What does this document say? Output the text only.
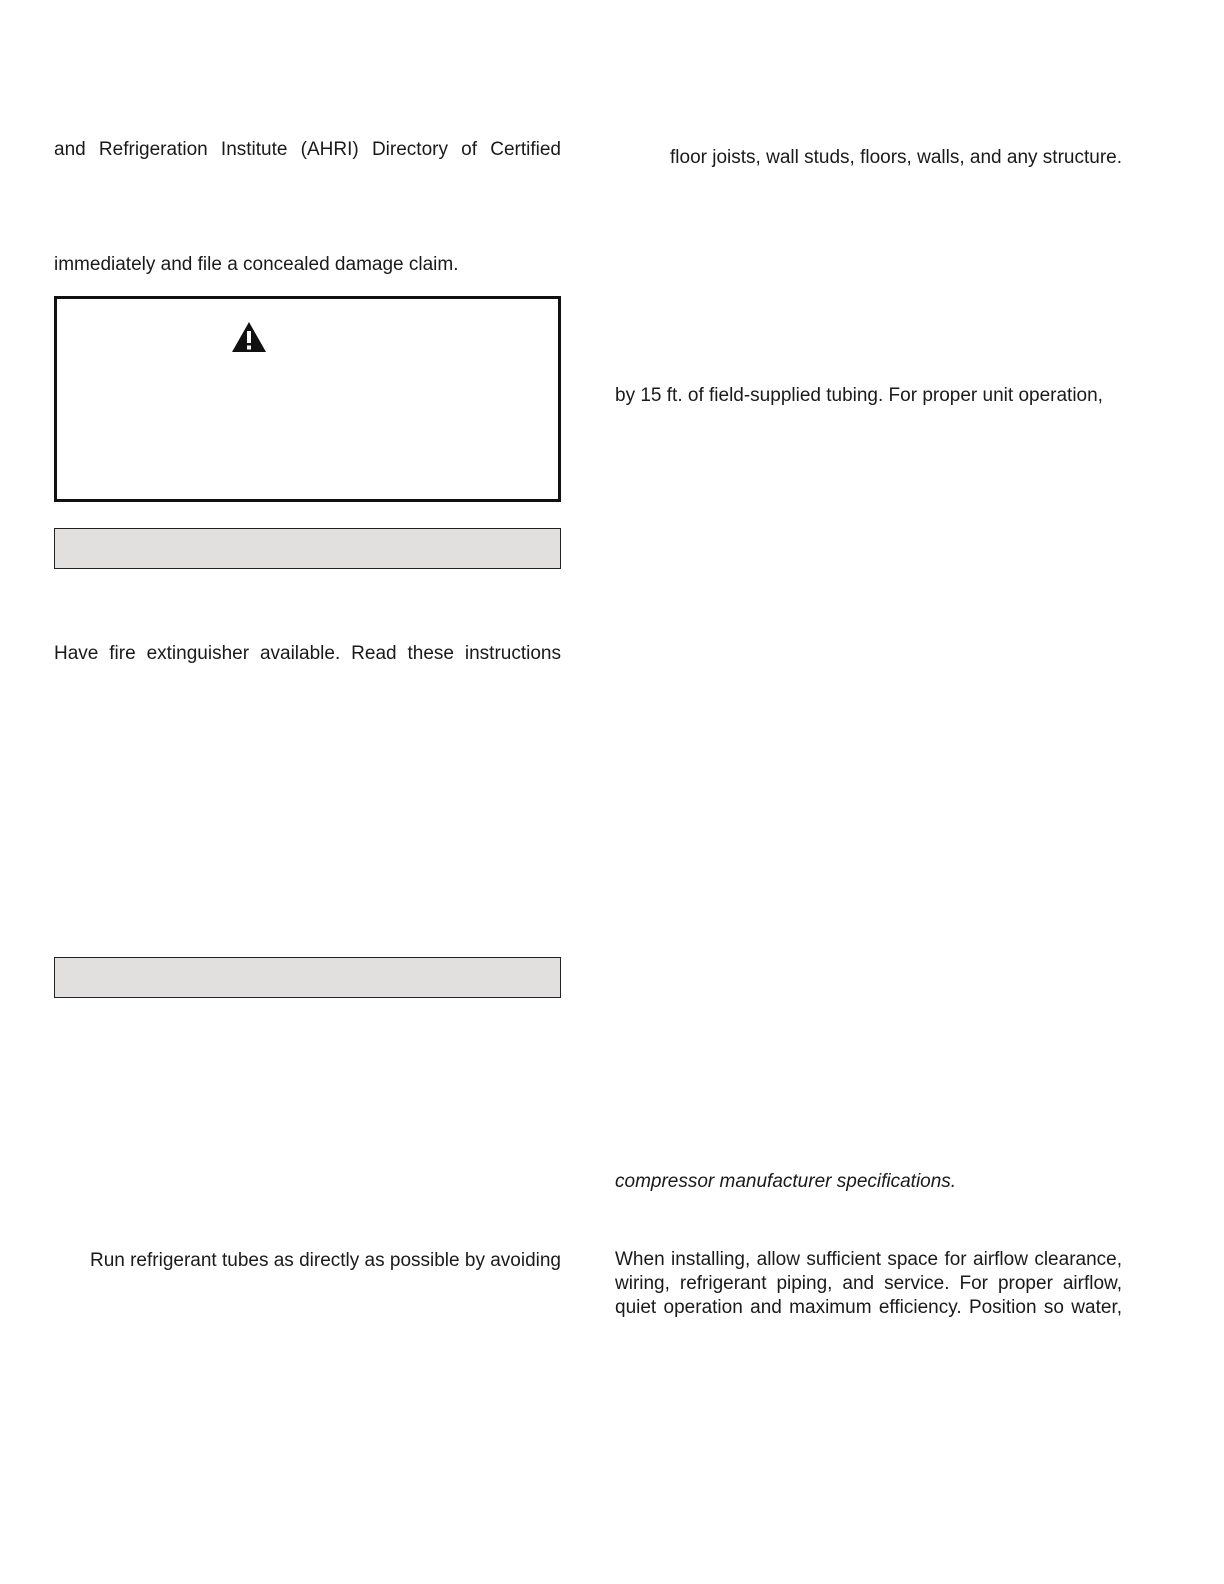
and Refrigeration Institute (AHRI) Directory of Certified
immediately and file a concealed damage claim.
Have fire extinguisher available. Read these instructions
Run refrigerant tubes as directly as possible by avoiding
floor joists, wall studs, floors, walls, and any structure.
by 15 ft. of field-supplied tubing. For proper unit operation,
compressor manufacturer specifications.
When installing, allow sufficient space for airflow clearance,
wiring, refrigerant piping, and service. For proper airflow,
quiet operation and maximum efficiency. Position so water,
